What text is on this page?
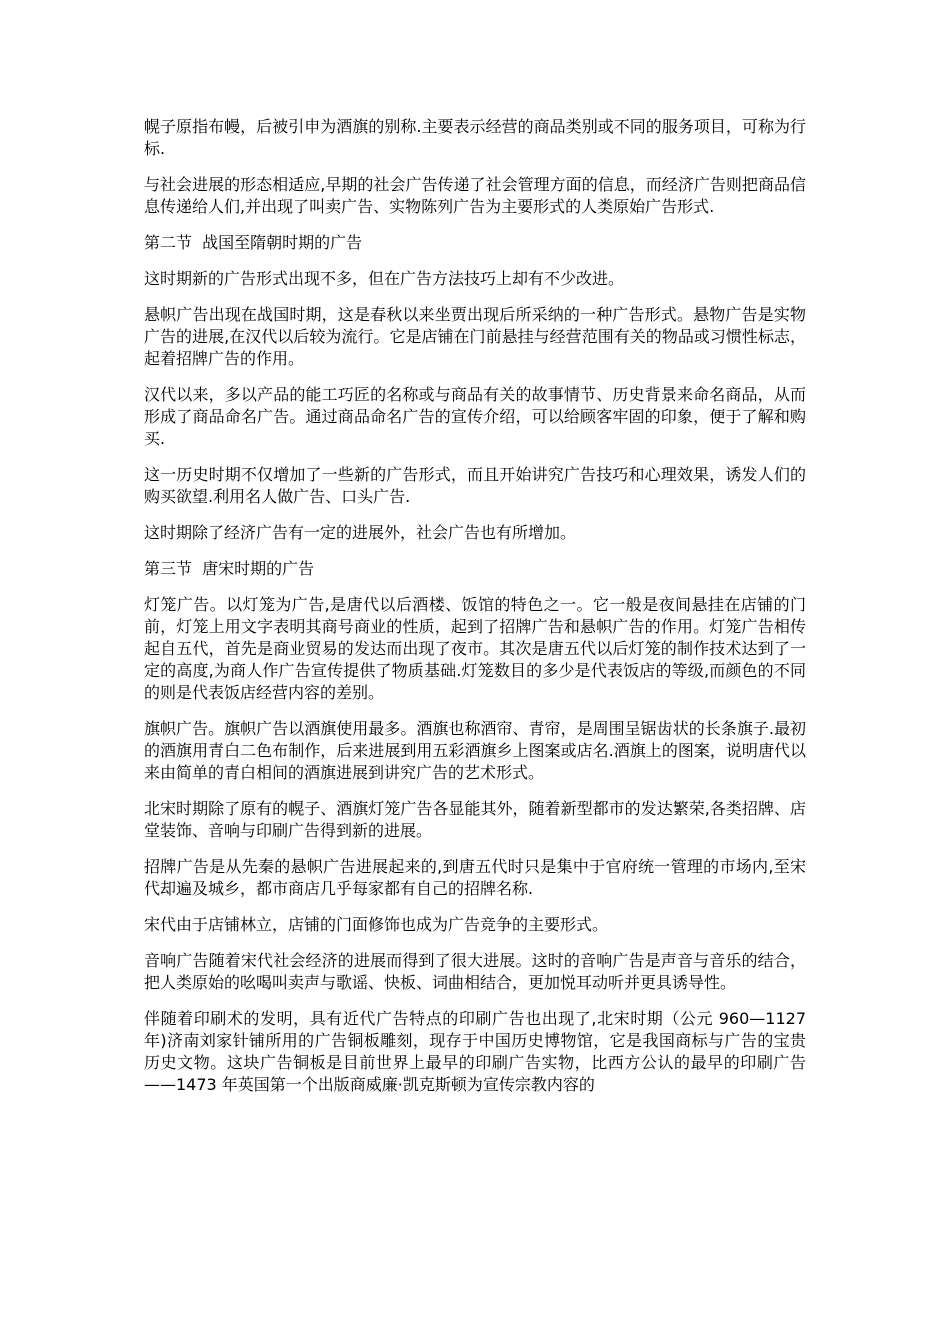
幌子原指布幔，后被引申为酒旗的别称.主要表示经营的商品类别或不同的服务项目，可称为行标.

与社会进展的形态相适应,早期的社会广告传递了社会管理方面的信息，而经济广告则把商品信息传递给人们,并出现了叫卖广告、实物陈列广告为主要形式的人类原始广告形式.

第二节  战国至隋朝时期的广告

这时期新的广告形式出现不多，但在广告方法技巧上却有不少改进。

悬帜广告出现在战国时期，这是春秋以来坐贾出现后所采纳的一种广告形式。悬物广告是实物广告的进展,在汉代以后较为流行。它是店铺在门前悬挂与经营范围有关的物品或习惯性标志，起着招牌广告的作用。

汉代以来，多以产品的能工巧匠的名称或与商品有关的故事情节、历史背景来命名商品，从而形成了商品命名广告。通过商品命名广告的宣传介绍，可以给顾客牢固的印象，便于了解和购买.

这一历史时期不仅增加了一些新的广告形式，而且开始讲究广告技巧和心理效果，诱发人们的购买欲望.利用名人做广告、口头广告.

这时期除了经济广告有一定的进展外，社会广告也有所增加。

第三节  唐宋时期的广告

灯笼广告。以灯笼为广告,是唐代以后酒楼、饭馆的特色之一。它一般是夜间悬挂在店铺的门前，灯笼上用文字表明其商号商业的性质，起到了招牌广告和悬帜广告的作用。灯笼广告相传起自五代，首先是商业贸易的发达而出现了夜市。其次是唐五代以后灯笼的制作技术达到了一定的高度,为商人作广告宣传提供了物质基础.灯笼数目的多少是代表饭店的等级,而颜色的不同的则是代表饭店经营内容的差别。

旗帜广告。旗帜广告以酒旗使用最多。酒旗也称酒帘、青帘，是周围呈锯齿状的长条旗子.最初的酒旗用青白二色布制作，后来进展到用五彩酒旗乡上图案或店名.酒旗上的图案，说明唐代以来由简单的青白相间的酒旗进展到讲究广告的艺术形式。

北宋时期除了原有的幌子、酒旗灯笼广告各显能其外，随着新型都市的发达繁荣,各类招牌、店堂装饰、音响与印刷广告得到新的进展。

招牌广告是从先秦的悬帜广告进展起来的,到唐五代时只是集中于官府统一管理的市场内,至宋代却遍及城乡，都市商店几乎每家都有自己的招牌名称.

宋代由于店铺林立，店铺的门面修饰也成为广告竞争的主要形式。

音响广告随着宋代社会经济的进展而得到了很大进展。这时的音响广告是声音与音乐的结合，把人类原始的吆喝叫卖声与歌谣、快板、词曲相结合，更加悦耳动听并更具诱导性。

伴随着印刷术的发明，具有近代广告特点的印刷广告也出现了,北宋时期（公元 960—1127 年)济南刘家针铺所用的广告铜板雕刻，现存于中国历史博物馆，它是我国商标与广告的宝贵历史文物。这块广告铜板是目前世界上最早的印刷广告实物，比西方公认的最早的印刷广告——1473 年英国第一个出版商威廉·凯克斯顿为宣传宗教内容的
